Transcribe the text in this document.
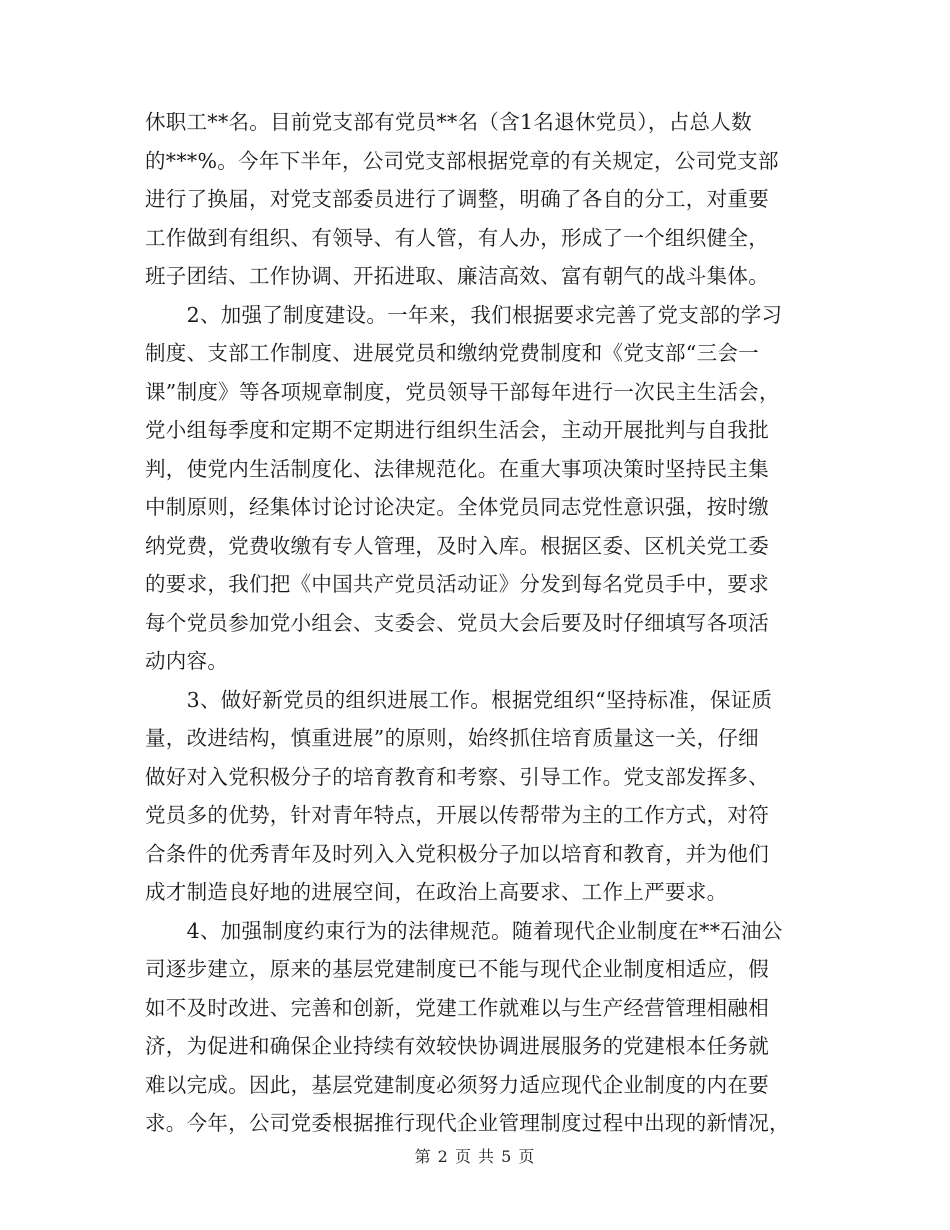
休职工**名。目前党支部有党员**名（含1名退休党员），占总人数
的***%。今年下半年，公司党支部根据党章的有关规定，公司党支部
进行了换届，对党支部委员进行了调整，明确了各自的分工，对重要
工作做到有组织、有领导、有人管，有人办，形成了一个组织健全，
班子团结、工作协调、开拓进取、廉洁高效、富有朝气的战斗集体。
　　2、加强了制度建设。一年来，我们根据要求完善了党支部的学习
制度、支部工作制度、进展党员和缴纳党费制度和《党支部“三会一
课”制度》等各项规章制度，党员领导干部每年进行一次民主生活会，
党小组每季度和定期不定期进行组织生活会，主动开展批判与自我批
判，使党内生活制度化、法律规范化。在重大事项决策时坚持民主集
中制原则，经集体讨论讨论决定。全体党员同志党性意识强，按时缴
纳党费，党费收缴有专人管理，及时入库。根据区委、区机关党工委
的要求，我们把《中国共产党员活动证》分发到每名党员手中，要求
每个党员参加党小组会、支委会、党员大会后要及时仔细填写各项活
动内容。
　　3、做好新党员的组织进展工作。根据党组织“坚持标准，保证质
量，改进结构，慎重进展”的原则，始终抓住培育质量这一关，仔细
做好对入党积极分子的培育教育和考察、引导工作。党支部发挥多、
党员多的优势，针对青年特点，开展以传帮带为主的工作方式，对符
合条件的优秀青年及时列入入党积极分子加以培育和教育，并为他们
成才制造良好地的进展空间，在政治上高要求、工作上严要求。
　　4、加强制度约束行为的法律规范。随着现代企业制度在**石油公
司逐步建立，原来的基层党建制度已不能与现代企业制度相适应，假
如不及时改进、完善和创新，党建工作就难以与生产经营管理相融相
济，为促进和确保企业持续有效较快协调进展服务的党建根本任务就
难以完成。因此，基层党建制度必须努力适应现代企业制度的内在要
求。今年，公司党委根据推行现代企业管理制度过程中出现的新情况，
第 2 页 共 5 页
